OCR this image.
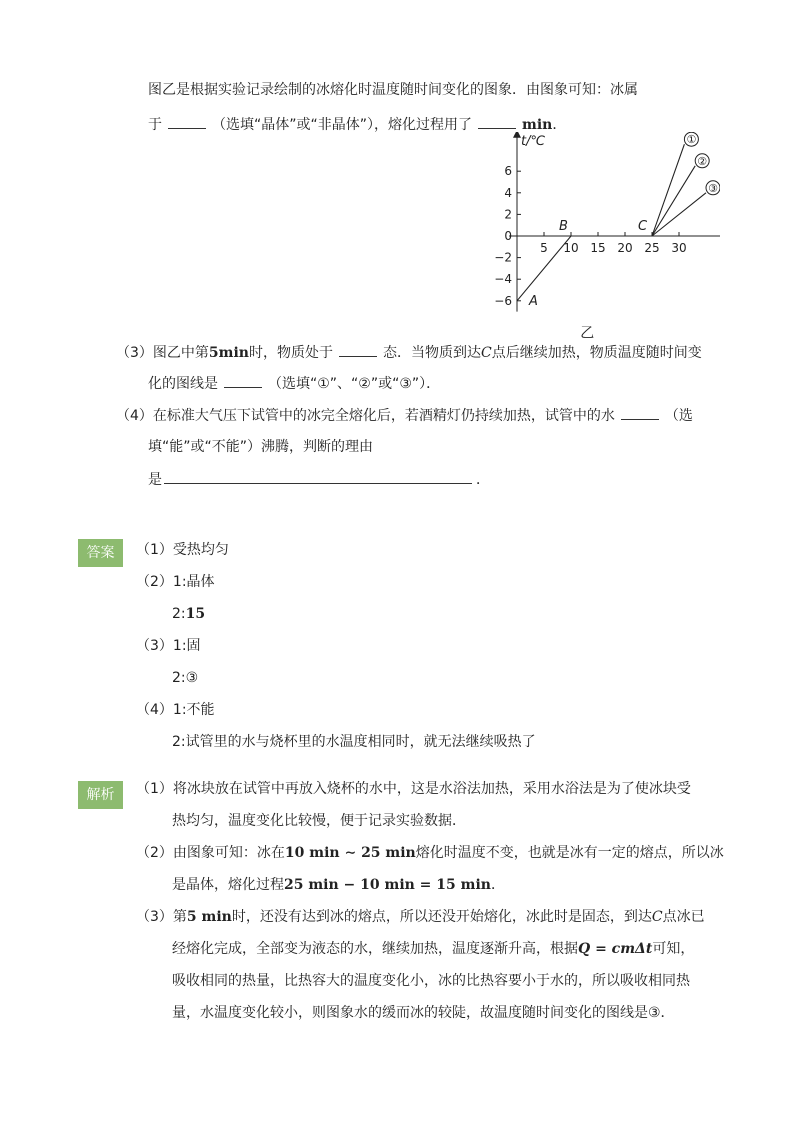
图乙是根据实验记录绘制的冰熔化时温度随时间变化的图象．由图象可知：冰属
于	（选填“晶体”或“非晶体”），熔化过程用了	min．
6
4
2
0
−2
−4
−6
5 10 15 20 25 30
t/℃	①
②
③
A
B	C
乙
（3）图乙中第5min时，物质处于	态．当物质到达C点后继续加热，物质温度随时间变
化的图线是	（选填“①”、“②”或“③”）．
（4）在标准大气压下试管中的冰完全熔化后，若酒精灯仍持续加热，试管中的水	（选
填“能”或“不能”）沸腾，判断的理由
是	．
答案	（1）受热均匀
（2）1:晶体
2:15
（3）1:固
2:③
（4）1:不能
2:试管里的水与烧杯里的水温度相同时，就无法继续吸热了
解析	（1）将冰块放在试管中再放入烧杯的水中，这是水浴法加热，采用水浴法是为了使冰块受
热均匀，温度变化比较慢，便于记录实验数据．
（2）由图象可知：冰在10 min ∼ 25 min熔化时温度不变，也就是冰有一定的熔点，所以冰
是晶体，熔化过程25 min − 10 min = 15 min．
（3）第5 min时，还没有达到冰的熔点，所以还没开始熔化，冰此时是固态，到达C点冰已
经熔化完成，全部变为液态的水，继续加热，温度逐渐升高，根据Q = cmΔt可知，
吸收相同的热量，比热容大的温度变化小，冰的比热容要小于水的，所以吸收相同热
量，水温度变化较小，则图象水的缓而冰的较陡，故温度随时间变化的图线是③．
